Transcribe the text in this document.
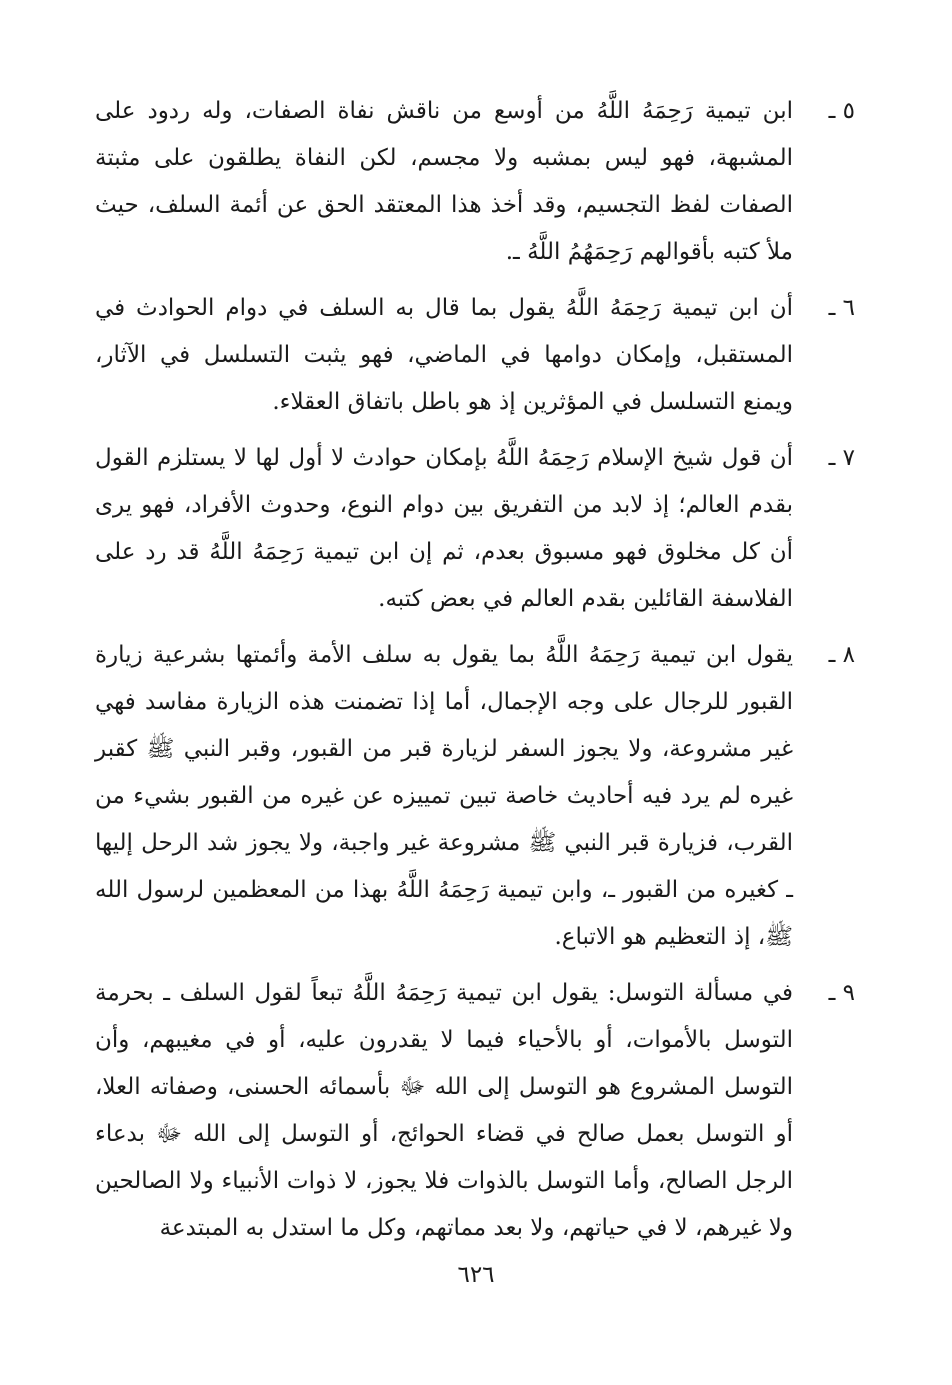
٥ ـ
ابن تيمية رَحِمَهُ اللَّهُ من أوسع من ناقش نفاة الصفات، وله ردود على المشبهة، فهو ليس بمشبه ولا مجسم، لكن النفاة يطلقون على مثبتة الصفات لفظ التجسيم، وقد أخذ هذا المعتقد الحق عن أئمة السلف، حيث ملأ كتبه بأقوالهم رَحِمَهُمُ اللَّهُ ـ.
٦ ـ
أن ابن تيمية رَحِمَهُ اللَّهُ يقول بما قال به السلف في دوام الحوادث في المستقبل، وإمكان دوامها في الماضي، فهو يثبت التسلسل في الآثار، ويمنع التسلسل في المؤثرين إذ هو باطل باتفاق العقلاء.
٧ ـ
أن قول شيخ الإسلام رَحِمَهُ اللَّهُ بإمكان حوادث لا أول لها لا يستلزم القول بقدم العالم؛ إذ لابد من التفريق بين دوام النوع، وحدوث الأفراد، فهو يرى أن كل مخلوق فهو مسبوق بعدم، ثم إن ابن تيمية رَحِمَهُ اللَّهُ قد رد على الفلاسفة القائلين بقدم العالم في بعض كتبه.
٨ ـ
يقول ابن تيمية رَحِمَهُ اللَّهُ بما يقول به سلف الأمة وأئمتها بشرعية زيارة القبور للرجال على وجه الإجمال، أما إذا تضمنت هذه الزيارة مفاسد فهي غير مشروعة، ولا يجوز السفر لزيارة قبر من القبور، وقبر النبي ﷺ كقبر غيره لم يرد فيه أحاديث خاصة تبين تمييزه عن غيره من القبور بشيء من القرب، فزيارة قبر النبي ﷺ مشروعة غير واجبة، ولا يجوز شد الرحل إليها ـ كغيره من القبور ـ، وابن تيمية رَحِمَهُ اللَّهُ بهذا من المعظمين لرسول الله ﷺ، إذ التعظيم هو الاتباع.
٩ ـ
في مسألة التوسل: يقول ابن تيمية رَحِمَهُ اللَّهُ تبعاً لقول السلف ـ بحرمة التوسل بالأموات، أو بالأحياء فيما لا يقدرون عليه، أو في مغيبهم، وأن التوسل المشروع هو التوسل إلى الله ﷻ بأسمائه الحسنى، وصفاته العلا، أو التوسل بعمل صالح في قضاء الحوائج، أو التوسل إلى الله ﷻ بدعاء الرجل الصالح، وأما التوسل بالذوات فلا يجوز، لا ذوات الأنبياء ولا الصالحين ولا غيرهم، لا في حياتهم، ولا بعد مماتهم، وكل ما استدل به المبتدعة
٦٢٦
